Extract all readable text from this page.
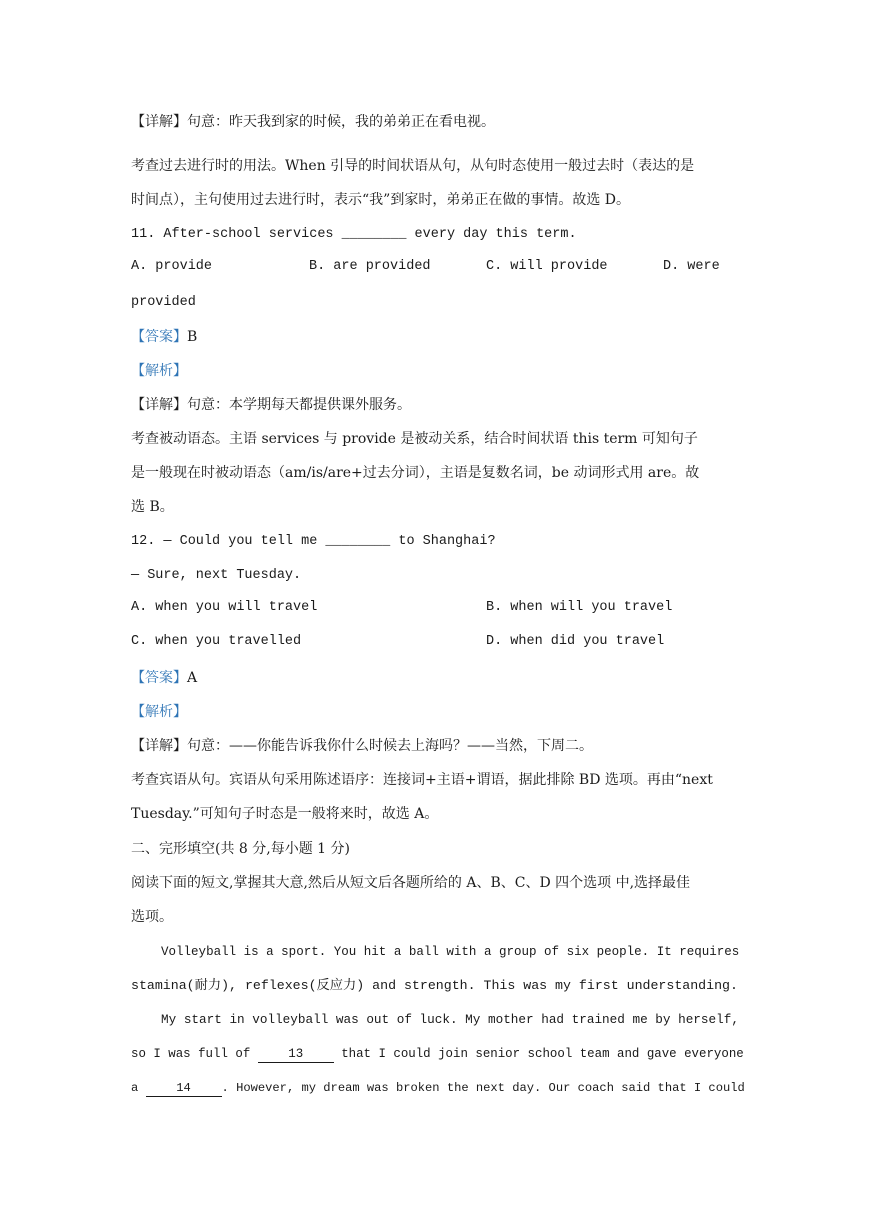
【详解】句意：昨天我到家的时候，我的弟弟正在看电视。
考查过去进行时的用法。When 引导的时间状语从句，从句时态使用一般过去时（表达的是
时间点），主句使用过去进行时，表示“我”到家时，弟弟正在做的事情。故选 D。
11. After-school services ________ every day this term.
A. provide	B. are provided	C. will provide	D. were
provided
【答案】B
【解析】
【详解】句意：本学期每天都提供课外服务。
考查被动语态。主语 services 与 provide 是被动关系，结合时间状语 this term 可知句子
是一般现在时被动语态（am/is/are+过去分词），主语是复数名词，be 动词形式用 are。故
选 B。
12. — Could you tell me ________ to Shanghai?
— Sure, next Tuesday.
A. when you will travel	B. when will you travel
C. when you travelled	D. when did you travel
【答案】A
【解析】
【详解】句意：——你能告诉我你什么时候去上海吗？——当然，下周二。
考查宾语从句。宾语从句采用陈述语序：连接词+主语+谓语，据此排除 BD 选项。再由“next
Tuesday.”可知句子时态是一般将来时，故选 A。
二、完形填空(共 8 分,每小题 1 分)
阅读下面的短文,掌握其大意,然后从短文后各题所给的 A、B、C、D 四个选项 中,选择最佳
选项。
Volleyball is a sport. You hit a ball with a group of six people. It requires
stamina(耐力), reflexes(反应力) and strength. This was my first understanding.
My start in volleyball was out of luck. My mother had trained me by herself,
so I was full of 13 that I could join senior school team and gave everyone
a	14	. However, my dream was broken the next day. Our coach said that I could
